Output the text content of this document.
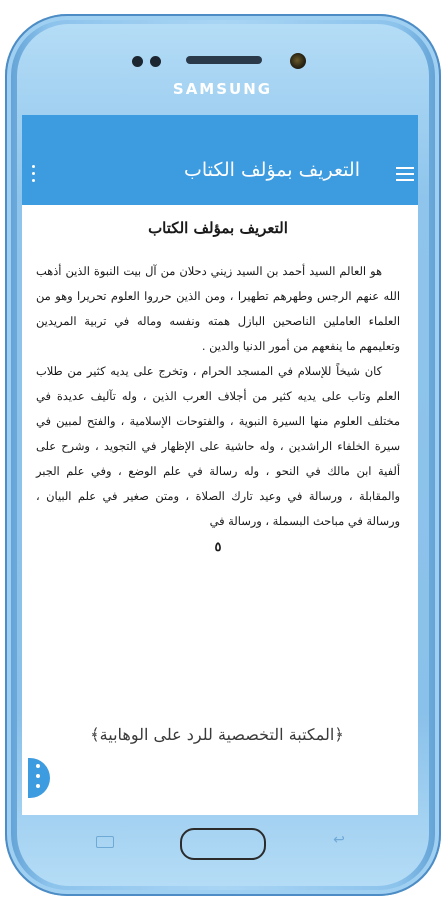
SAMSUNG
التعريف بمؤلف الكتاب
التعريف بمؤلف الكتاب

هو العالم السيد أحمد بن السيد زيني دحلان من آل بيت النبوة الذين أذهب الله عنهم الرجس وطهرهم تطهيرا ، ومن الذين حرروا العلوم تحريرا وهو من العلماء العاملين الناصحين البازل همته ونفسه وماله في تربية المريدين وتعليمهم ما ينفعهم من أمور الدنيا والدين .

كان شيخاً للإسلام في المسجد الحرام ، وتخرج على يديه كثير من طلاب العلم وتاب على يديه كثير من أجلاف العرب الذين ، وله تآليف عديدة في مختلف العلوم منها السيرة النبوية ، والفتوحات الإسلامية ، والفتح لمبين في سيرة الخلفاء الراشدين ، وله حاشية على الإظهار في التجويد ، وشرح على ألفية ابن مالك في النحو ، وله رسالة في علم الوضع ، وفي علم الجبر والمقابلة ، ورسالة في وعيد تارك الصلاة ، ومتن صغير في علم البيان ، ورسالة في مباحث البسملة ، ورسالة في

٥
﴿المكتبة التخصصية للرد على الوهابية﴾
↩
